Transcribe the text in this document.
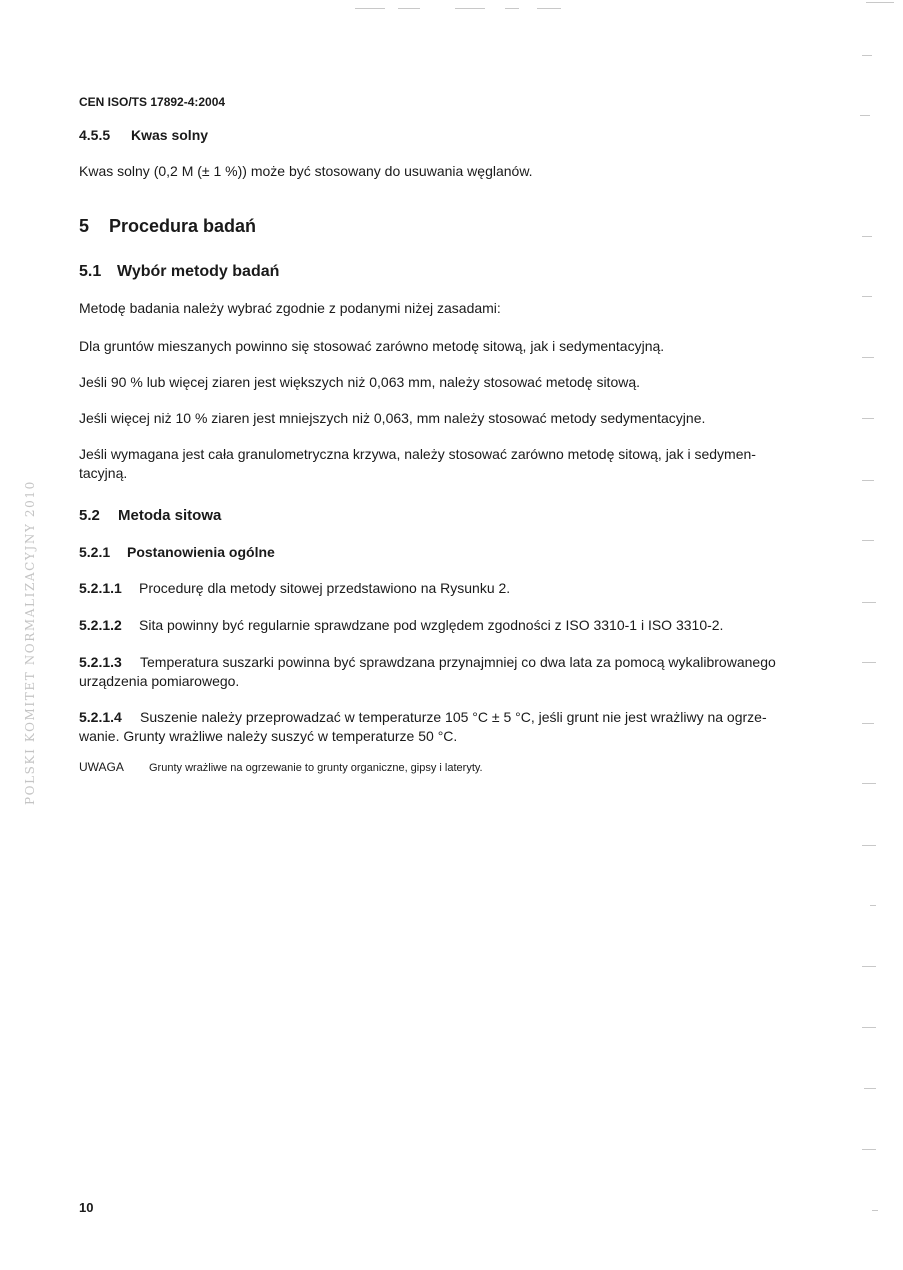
CEN ISO/TS 17892-4:2004

4.5.5 Kwas solny

Kwas solny (0,2 M (± 1 %)) może być stosowany do usuwania węglanów.

5 Procedura badań

5.1 Wybór metody badań

Metodę badania należy wybrać zgodnie z podanymi niżej zasadami:

Dla gruntów mieszanych powinno się stosować zarówno metodę sitową, jak i sedymentacyjną.

Jeśli 90 % lub więcej ziaren jest większych niż 0,063 mm, należy stosować metodę sitową.

Jeśli więcej niż 10 % ziaren jest mniejszych niż 0,063, mm należy stosować metody sedymentacyjne.

Jeśli wymagana jest cała granulometryczna krzywa, należy stosować zarówno metodę sitową, jak i sedymen-tacyjną.

5.2 Metoda sitowa

5.2.1 Postanowienia ogólne

5.2.1.1 Procedurę dla metody sitowej przedstawiono na Rysunku 2.

5.2.1.2 Sita powinny być regularnie sprawdzane pod względem zgodności z ISO 3310-1 i ISO 3310-2.

5.2.1.3 Temperatura suszarki powinna być sprawdzana przynajmniej co dwa lata za pomocą wykalibrowanego urządzenia pomiarowego.

5.2.1.4 Suszenie należy przeprowadzać w temperaturze 105 °C ± 5 °C, jeśli grunt nie jest wrażliwy na ogrze-wanie. Grunty wrażliwe należy suszyć w temperaturze 50 °C.

UWAGA Grunty wrażliwe na ogrzewanie to grunty organiczne, gipsy i lateryty.

POLSKI KOMITET NORMALIZACYJNY 2010

10
